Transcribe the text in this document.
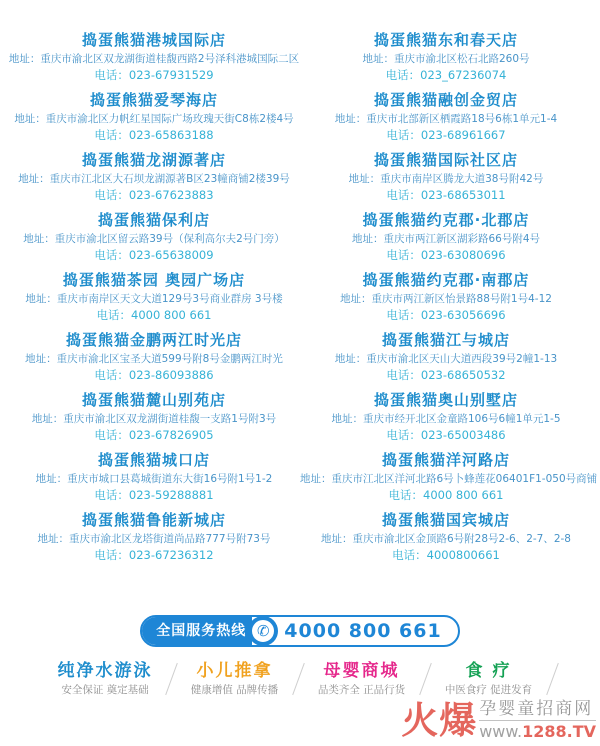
捣蛋熊猫港城国际店
地址：重庆市渝北区双龙湖街道桂馥西路2号泽科港城国际二区
电话：023-67931529
捣蛋熊猫爱琴海店
地址：重庆市渝北区力帆红星国际广场玫瑰天街C8栋2楼4号
电话：023-65863188
捣蛋熊猫龙湖源著店
地址：重庆市江北区大石坝龙湖源著B区23幢商铺2楼39号
电话：023-67623883
捣蛋熊猫保利店
地址：重庆市渝北区留云路39号（保利高尔夫2号门旁）
电话：023-65638009
捣蛋熊猫茶园 奥园广场店
地址：重庆市南岸区天文大道129号3号商业群房 3号楼
电话：4000 800 661
捣蛋熊猫金鹏两江时光店
地址：重庆市渝北区宝圣大道599号附8号金鹏两江时光
电话：023-86093886
捣蛋熊猫麓山别苑店
地址：重庆市渝北区双龙湖街道桂馥一支路1号附3号
电话：023-67826905
捣蛋熊猫城口店
地址：重庆市城口县葛城街道东大街16号附1号1-2
电话：023-59288881
捣蛋熊猫鲁能新城店
地址：重庆市渝北区龙塔街道尚品路777号附73号
电话：023-67236312
捣蛋熊猫东和春天店
地址：重庆市渝北区松石北路260号
电话：023_67236074
捣蛋熊猫融创金贸店
地址：重庆市北部新区栖霞路18号6栋1单元1-4
电话：023-68961667
捣蛋熊猫国际社区店
地址：重庆市南岸区腾龙大道38号附42号
电话：023-68653011
捣蛋熊猫约克郡·北郡店
地址：重庆市两江新区湖彩路66号附4号
电话：023-63080696
捣蛋熊猫约克郡·南郡店
地址：重庆市两江新区怡景路88号附1号4-12
电话：023-63056696
捣蛋熊猫江与城店
地址：重庆市渝北区天山大道西段39号2幢1-13
电话：023-68650532
捣蛋熊猫奥山别墅店
地址：重庆市经开北区金童路106号6幢1单元1-5
电话：023-65003486
捣蛋熊猫洋河路店
地址：重庆市江北区洋河北路6号卜蜂莲花06401F1-050号商铺
电话：4000 800 661
捣蛋熊猫国宾城店
地址：重庆市渝北区金顶路6号附28号2-6、2-7、2-8
电话：4000800661
全国服务热线 ✆ 4000 800 661
纯净水游泳
安全保证 奠定基础
小儿推拿
健康增值 品牌传播
母婴商城
品类齐全 正品行货
食 疗
中医食疗 促进发育
火爆 孕婴童招商网
www.1288.TV
